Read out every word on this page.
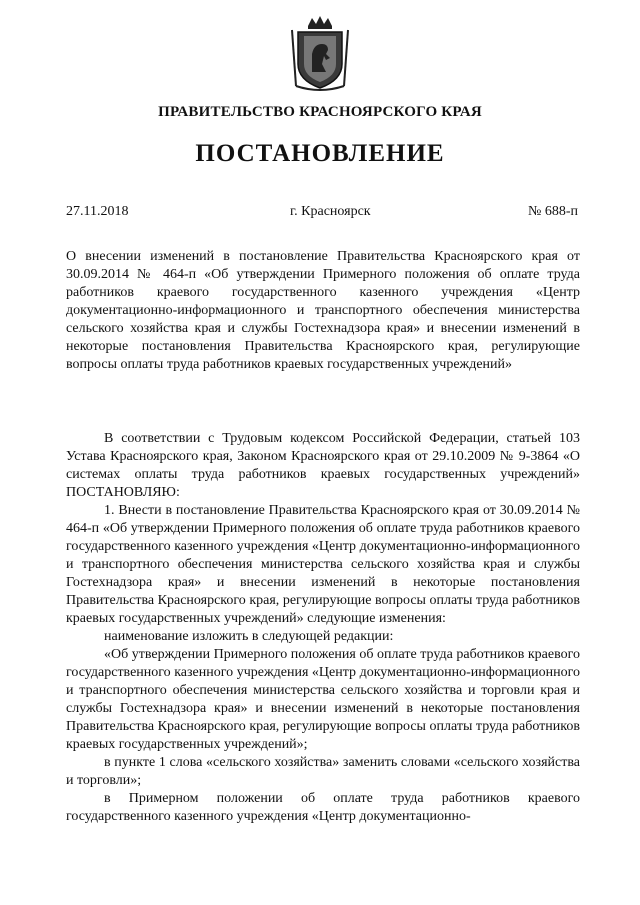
ПРАВИТЕЛЬСТВО КРАСНОЯРСКОГО КРАЯ
ПОСТАНОВЛЕНИЕ
27.11.2018	г. Красноярск	№ 688-п
О внесении изменений в постановление Правительства Красноярского края от 30.09.2014 № 464-п «Об утверждении Примерного положения об оплате труда работников краевого государственного казенного учреждения «Центр документационно-информационного и транспортного обеспечения министерства сельского хозяйства края и службы Гостехнадзора края» и внесении изменений в некоторые постановления Правительства Красноярского края, регулирующие вопросы оплаты труда работников краевых государственных учреждений»

В соответствии с Трудовым кодексом Российской Федерации, статьей 103 Устава Красноярского края, Законом Красноярского края от 29.10.2009 № 9-3864 «О системах оплаты труда работников краевых государственных учреждений» ПОСТАНОВЛЯЮ:

1. Внести в постановление Правительства Красноярского края от 30.09.2014 № 464-п «Об утверждении Примерного положения об оплате труда работников краевого государственного казенного учреждения «Центр документационно-информационного и транспортного обеспечения министерства сельского хозяйства края и службы Гостехнадзора края» и внесении изменений в некоторые постановления Правительства Красноярского края, регулирующие вопросы оплаты труда работников краевых государственных учреждений» следующие изменения:

наименование изложить в следующей редакции:

«Об утверждении Примерного положения об оплате труда работников краевого государственного казенного учреждения «Центр документационно-информационного и транспортного обеспечения министерства сельского хозяйства и торговли края и службы Гостехнадзора края» и внесении изменений в некоторые постановления Правительства Красноярского края, регулирующие вопросы оплаты труда работников краевых государственных учреждений»;

в пункте 1 слова «сельского хозяйства» заменить словами «сельского хозяйства и торговли»;

в Примерном положении об оплате труда работников краевого государственного казенного учреждения «Центр документационно-
